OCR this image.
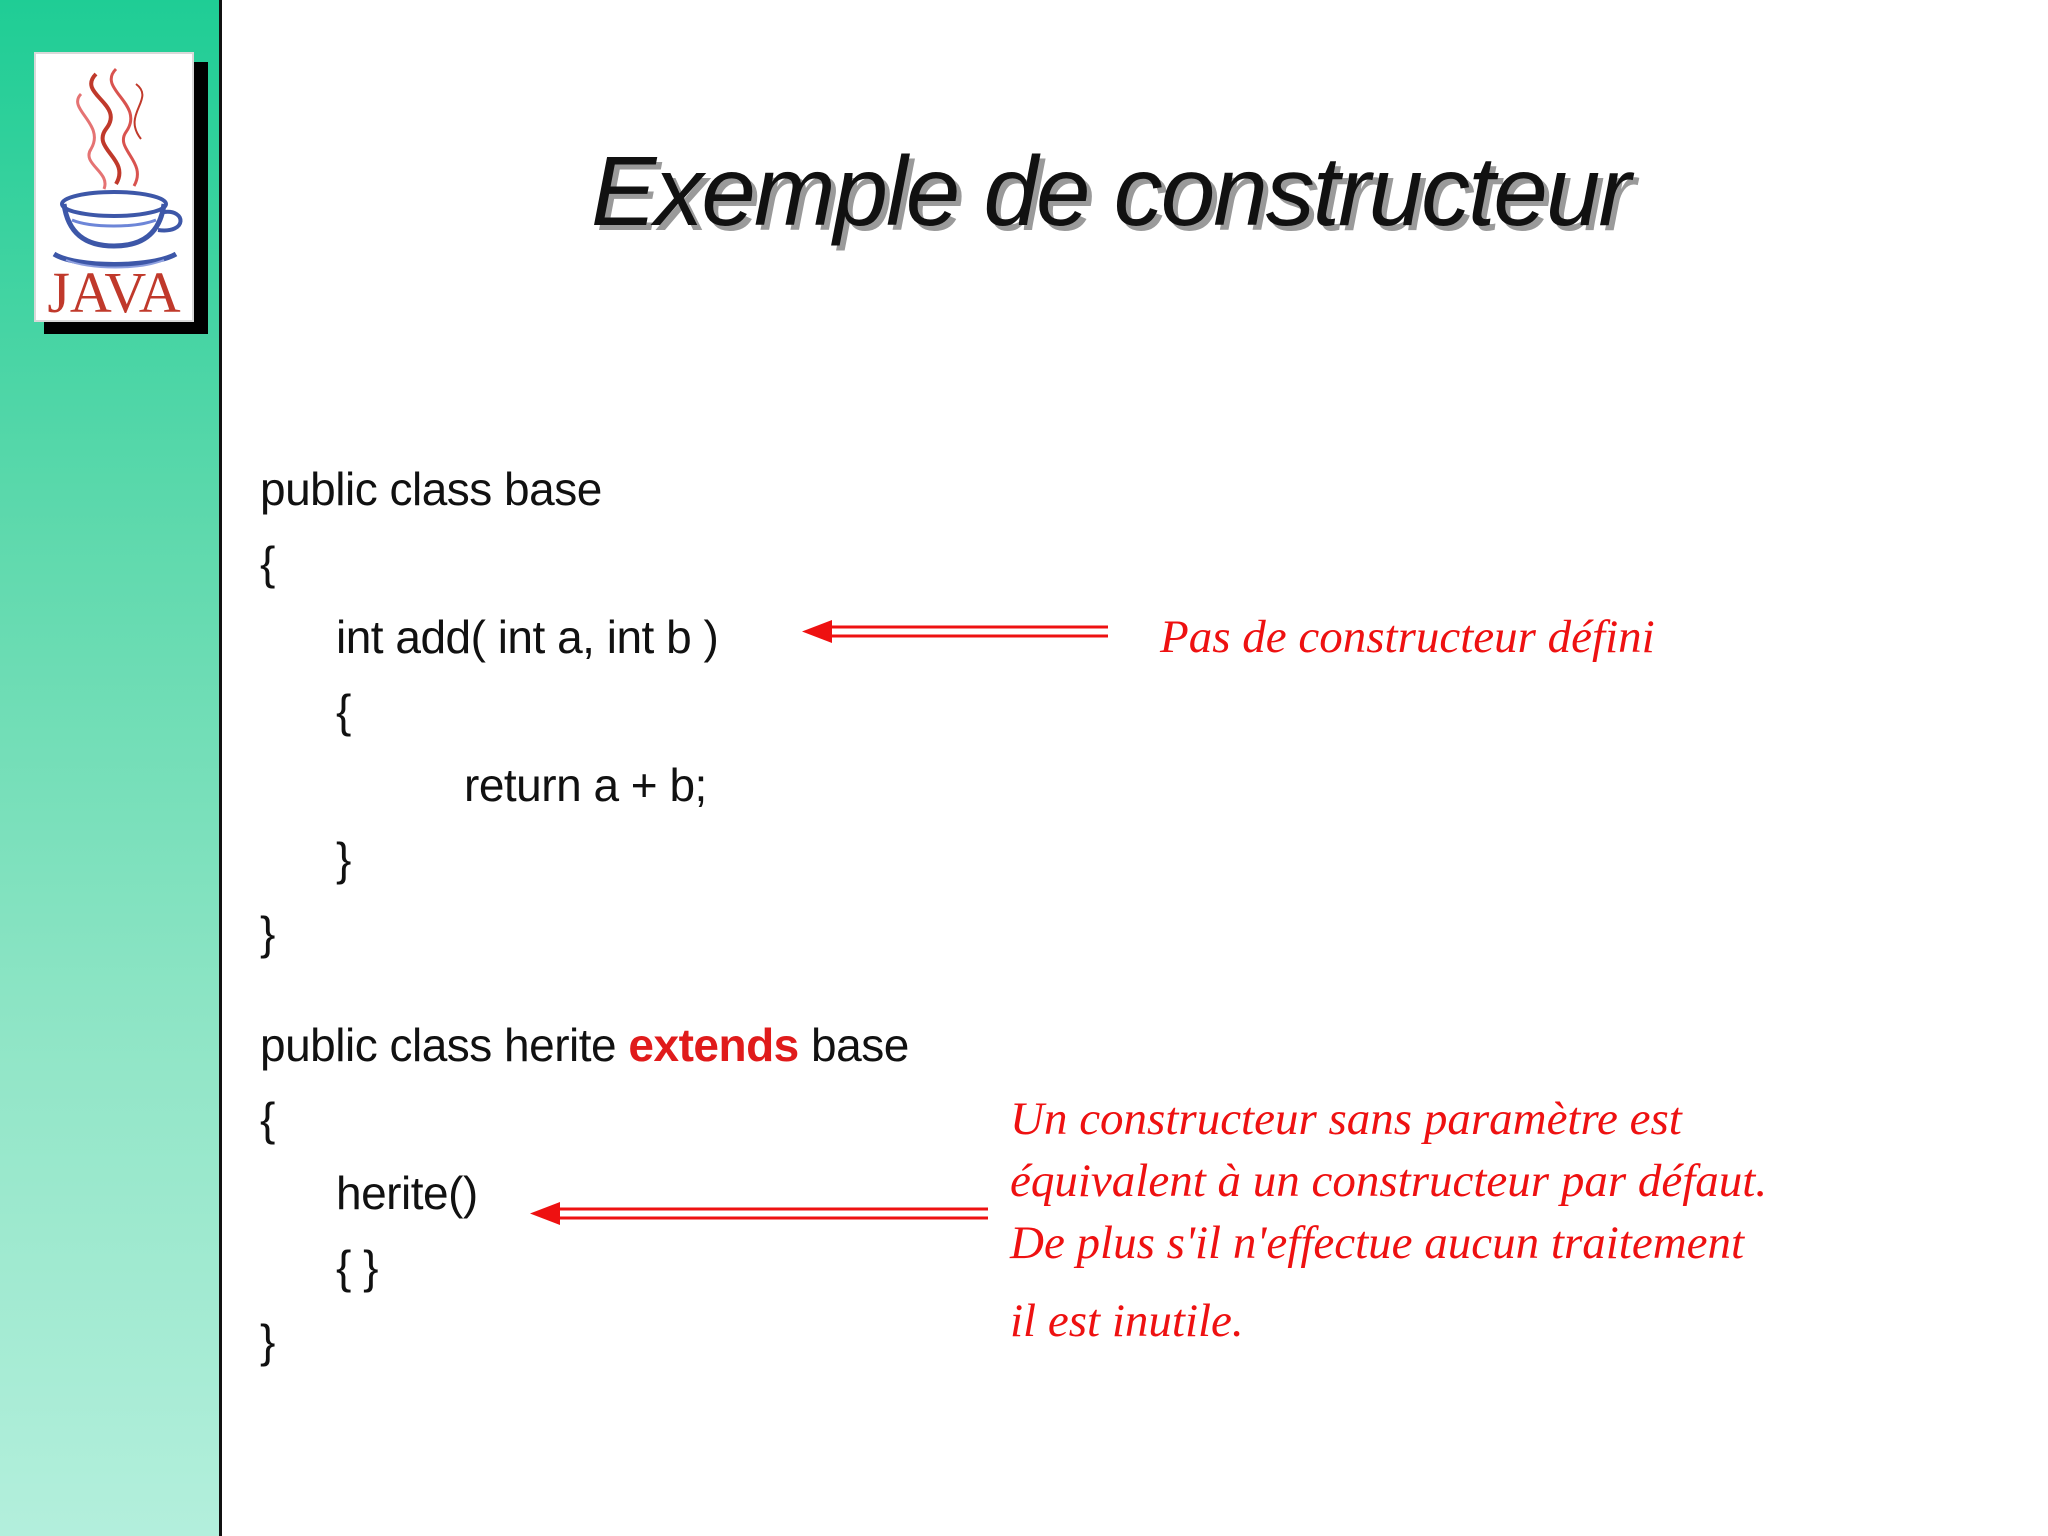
JAVA
Exemple de constructeur
public class base
{
int add( int a, int b )
{
return a + b;
}
}
public class herite extends base
{
herite()
{ }
}
Pas de constructeur défini
Un constructeur sans paramètre est
équivalent à un constructeur par défaut.
De plus s'il n'effectue aucun traitement
il est inutile.
